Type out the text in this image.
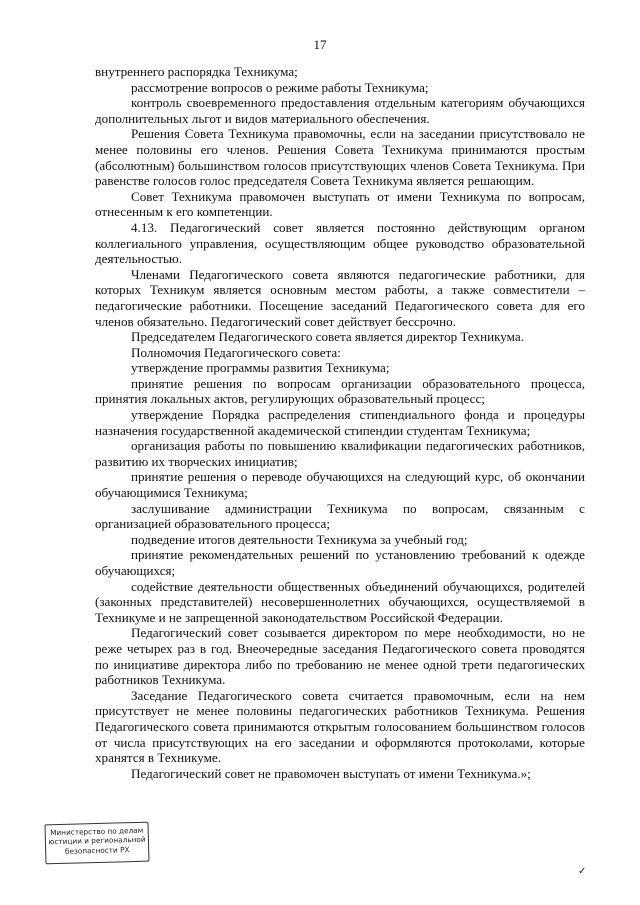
17

внутреннего распорядка Техникума;

рассмотрение вопросов о режиме работы Техникума;

контроль своевременного предоставления отдельным категориям обучающихся дополнительных льгот и видов материального обеспечения.

Решения Совета Техникума правомочны, если на заседании присутствовало не менее половины его членов. Решения Совета Техникума принимаются простым (абсолютным) большинством голосов присутствующих членов Совета Техникума. При равенстве голосов голос председателя Совета Техникума является решающим.

Совет Техникума правомочен выступать от имени Техникума по вопросам, отнесенным к его компетенции.

4.13. Педагогический совет является постоянно действующим органом коллегиального управления, осуществляющим общее руководство образовательной деятельностью.

Членами Педагогического совета являются педагогические работники, для которых Техникум является основным местом работы, а также совместители – педагогические работники. Посещение заседаний Педагогического совета для его членов обязательно. Педагогический совет действует бессрочно.

Председателем Педагогического совета является директор Техникума.

Полномочия Педагогического совета:

утверждение программы развития Техникума;

принятие решения по вопросам организации образовательного процесса, принятия локальных актов, регулирующих образовательный процесс;

утверждение Порядка распределения стипендиального фонда и процедуры назначения государственной академической стипендии студентам Техникума;

организация работы по повышению квалификации педагогических работников, развитию их творческих инициатив;

принятие решения о переводе обучающихся на следующий курс, об окончании обучающимися Техникума;

заслушивание администрации Техникума по вопросам, связанным с организацией образовательного процесса;

подведение итогов деятельности Техникума за учебный год;

принятие рекомендательных решений по установлению требований к одежде обучающихся;

содействие деятельности общественных объединений обучающихся, родителей (законных представителей) несовершеннолетних обучающихся, осуществляемой в Техникуме и не запрещенной законодательством Российской Федерации.

Педагогический совет созывается директором по мере необходимости, но не реже четырех раз в год. Внеочередные заседания Педагогического совета проводятся по инициативе директора либо по требованию не менее одной трети педагогических работников Техникума.

Заседание Педагогического совета считается правомочным, если на нем присутствует не менее половины педагогических работников Техникума. Решения Педагогического совета принимаются открытым голосованием большинством голосов от числа присутствующих на его заседании и оформляются протоколами, которые хранятся в Техникуме.

Педагогический совет не правомочен выступать от имени Техникума.»;

Министерство по делам
юстиции и региональной
безопасности РХ
✓
